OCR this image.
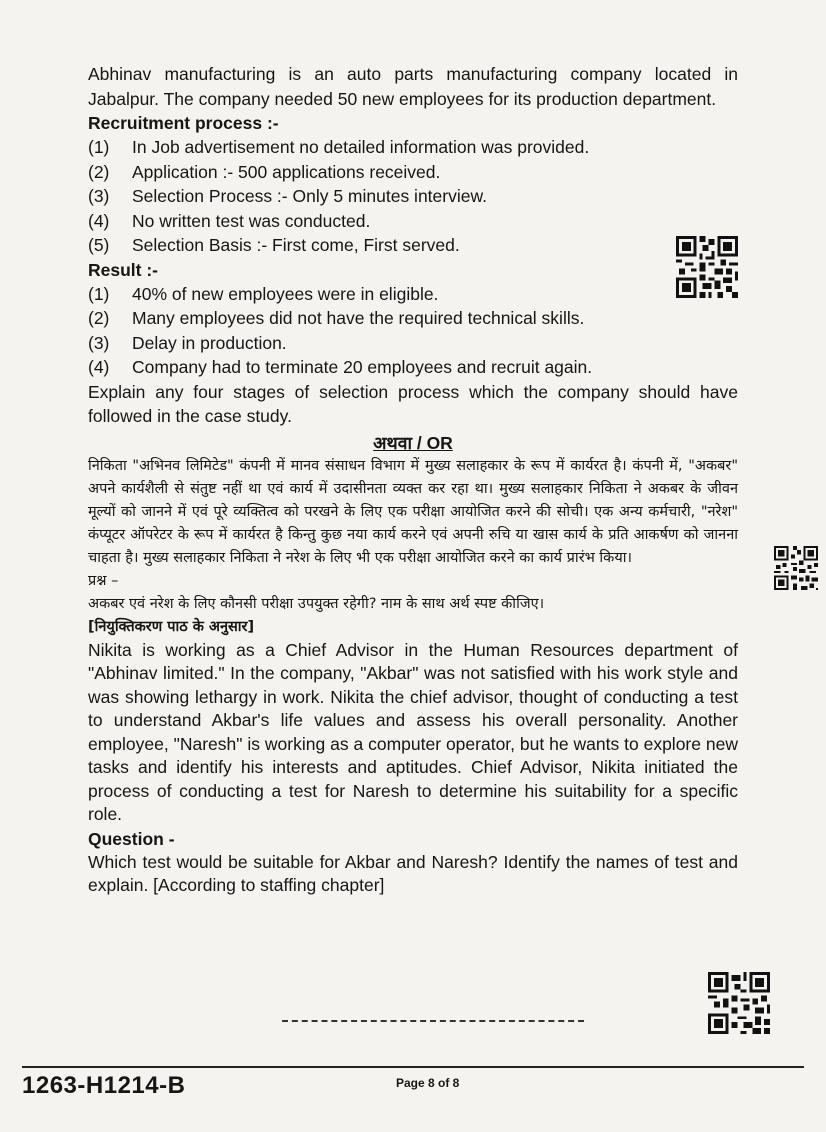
Abhinav manufacturing is an auto parts manufacturing company located in Jabalpur. The company needed 50 new employees for its production department.

Recruitment process :-

(1)	In Job advertisement no detailed information was provided.
(2)	Application :- 500 applications received.
(3)	Selection Process :- Only 5 minutes interview.
(4)	No written test was conducted.
(5)	Selection Basis :- First come, First served.

Result :-

(1)	40% of new employees were in eligible.
(2)	Many employees did not have the required technical skills.
(3)	Delay in production.
(4)	Company had to terminate 20 employees and recruit again.

Explain any four stages of selection process which the company should have followed in the case study.

अथवा / OR

निकिता "अभिनव लिमिटेड" कंपनी में मानव संसाधन विभाग में मुख्य सलाहकार के रूप में कार्यरत है। कंपनी में, "अकबर" अपने कार्यशैली से संतुष्ट नहीं था एवं कार्य में उदासीनता व्यक्त कर रहा था। मुख्य सलाहकार निकिता ने अकबर के जीवन मूल्यों को जानने में एवं पूरे व्यक्तित्व को परखने के लिए एक परीक्षा आयोजित करने की सोची। एक अन्य कर्मचारी, "नरेश" कंप्यूटर ऑपरेटर के रूप में कार्यरत है किन्तु कुछ नया कार्य करने एवं अपनी रुचि या खास कार्य के प्रति आकर्षण को जानना चाहता है। मुख्य सलाहकार निकिता ने नरेश के लिए भी एक परीक्षा आयोजित करने का कार्य प्रारंभ किया।

प्रश्न –

अकबर एवं नरेश के लिए कौनसी परीक्षा उपयुक्त रहेगी? नाम के साथ अर्थ स्पष्ट कीजिए।

[नियुक्तिकरण पाठ के अनुसार]

Nikita is working as a Chief Advisor in the Human Resources department of "Abhinav limited." In the company, "Akbar" was not satisfied with his work style and was showing lethargy in work. Nikita the chief advisor, thought of conducting a test to understand Akbar's life values and assess his overall personality. Another employee, "Naresh" is working as a computer operator, but he wants to explore new tasks and identify his interests and aptitudes. Chief Advisor, Nikita initiated the process of conducting a test for Naresh to determine his suitability for a specific role.

Question -

Which test would be suitable for Akbar and Naresh? Identify the names of test and explain. [According to staffing chapter]

1263-H1214-B	Page 8 of 8
